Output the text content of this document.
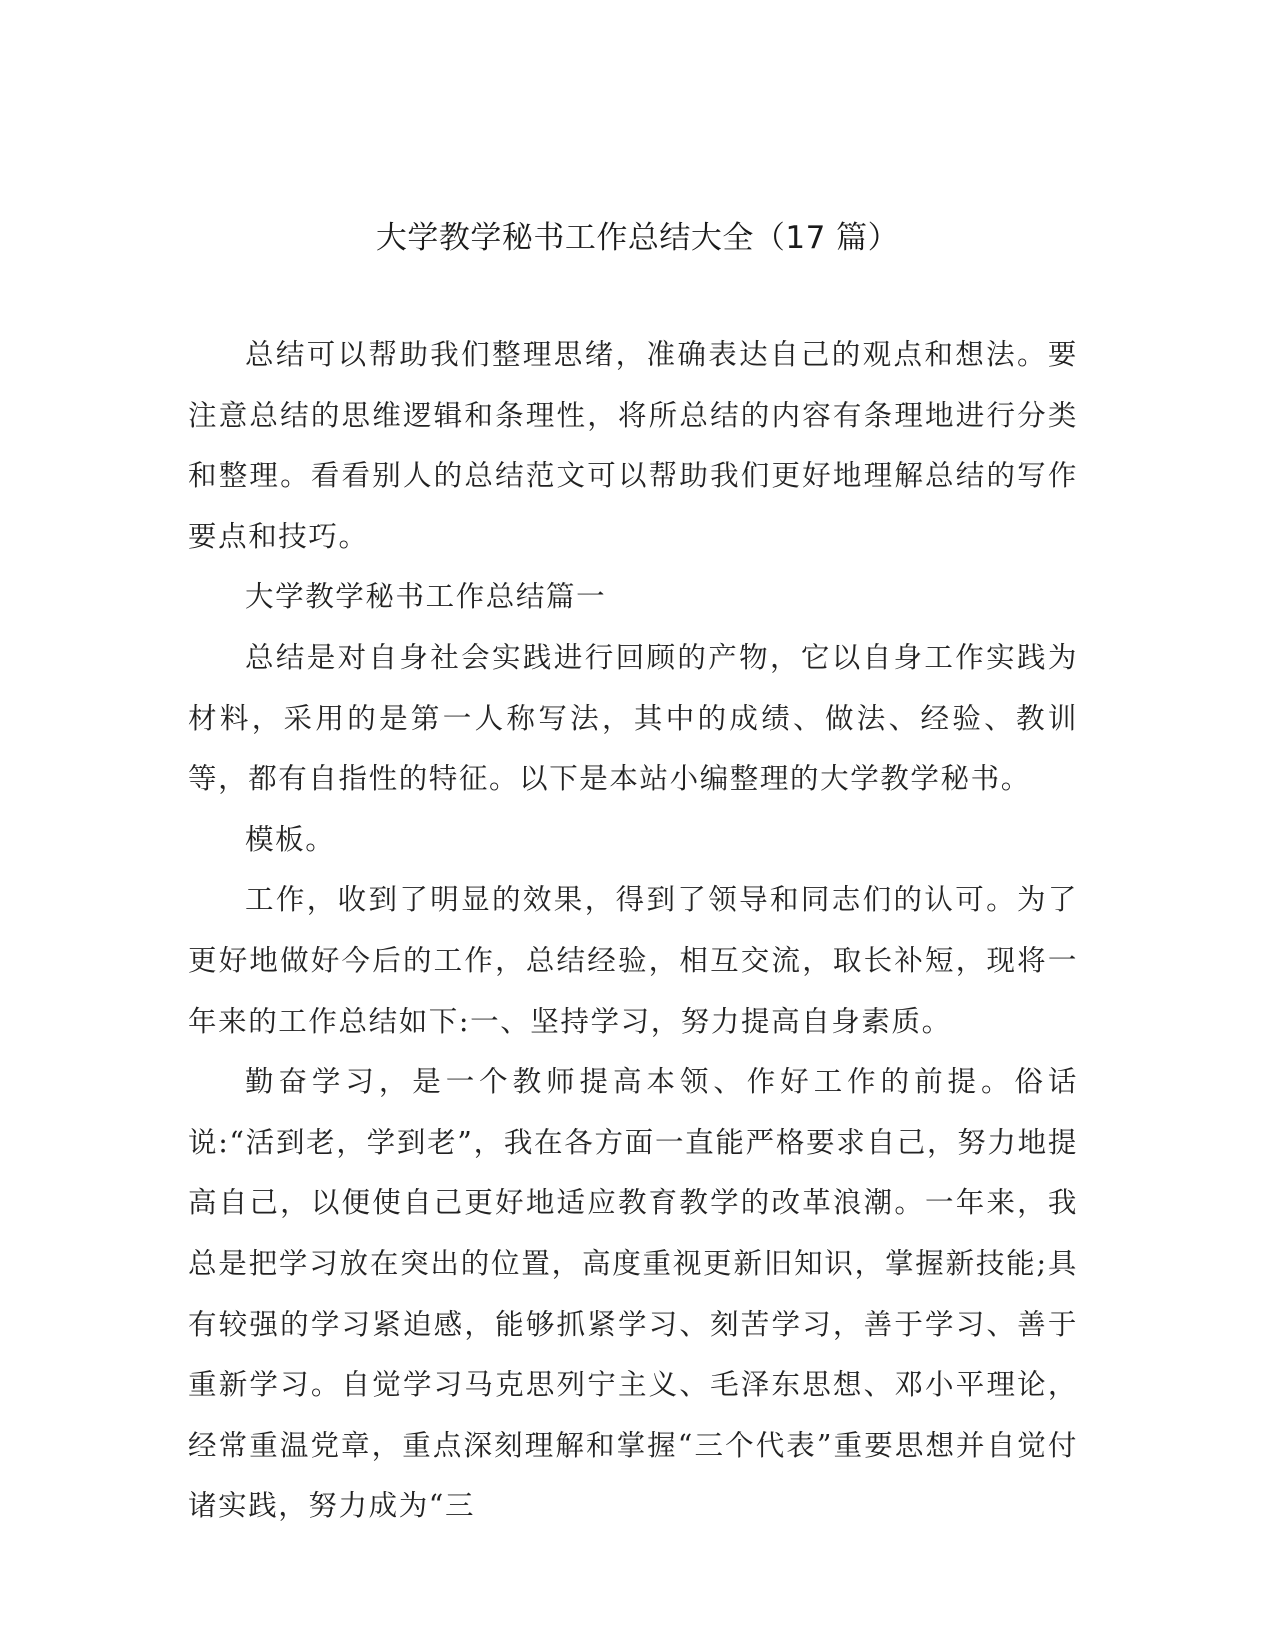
大学教学秘书工作总结大全（17 篇）

总结可以帮助我们整理思绪，准确表达自己的观点和想法。要注意总结的思维逻辑和条理性，将所总结的内容有条理地进行分类和整理。看看别人的总结范文可以帮助我们更好地理解总结的写作要点和技巧。

大学教学秘书工作总结篇一

总结是对自身社会实践进行回顾的产物，它以自身工作实践为材料，采用的是第一人称写法，其中的成绩、做法、经验、教训等，都有自指性的特征。以下是本站小编整理的大学教学秘书。

模板。

工作，收到了明显的效果，得到了领导和同志们的认可。为了更好地做好今后的工作，总结经验，相互交流，取长补短，现将一年来的工作总结如下:一、坚持学习，努力提高自身素质。

勤奋学习，是一个教师提高本领、作好工作的前提。俗话说:“活到老，学到老”，我在各方面一直能严格要求自己，努力地提高自己，以便使自己更好地适应教育教学的改革浪潮。一年来，我总是把学习放在突出的位置，高度重视更新旧知识，掌握新技能;具有较强的学习紧迫感，能够抓紧学习、刻苦学习，善于学习、善于重新学习。自觉学习马克思列宁主义、毛泽东思想、邓小平理论，经常重温党章，重点深刻理解和掌握“三个代表”重要思想并自觉付诸实践，努力成为“三
